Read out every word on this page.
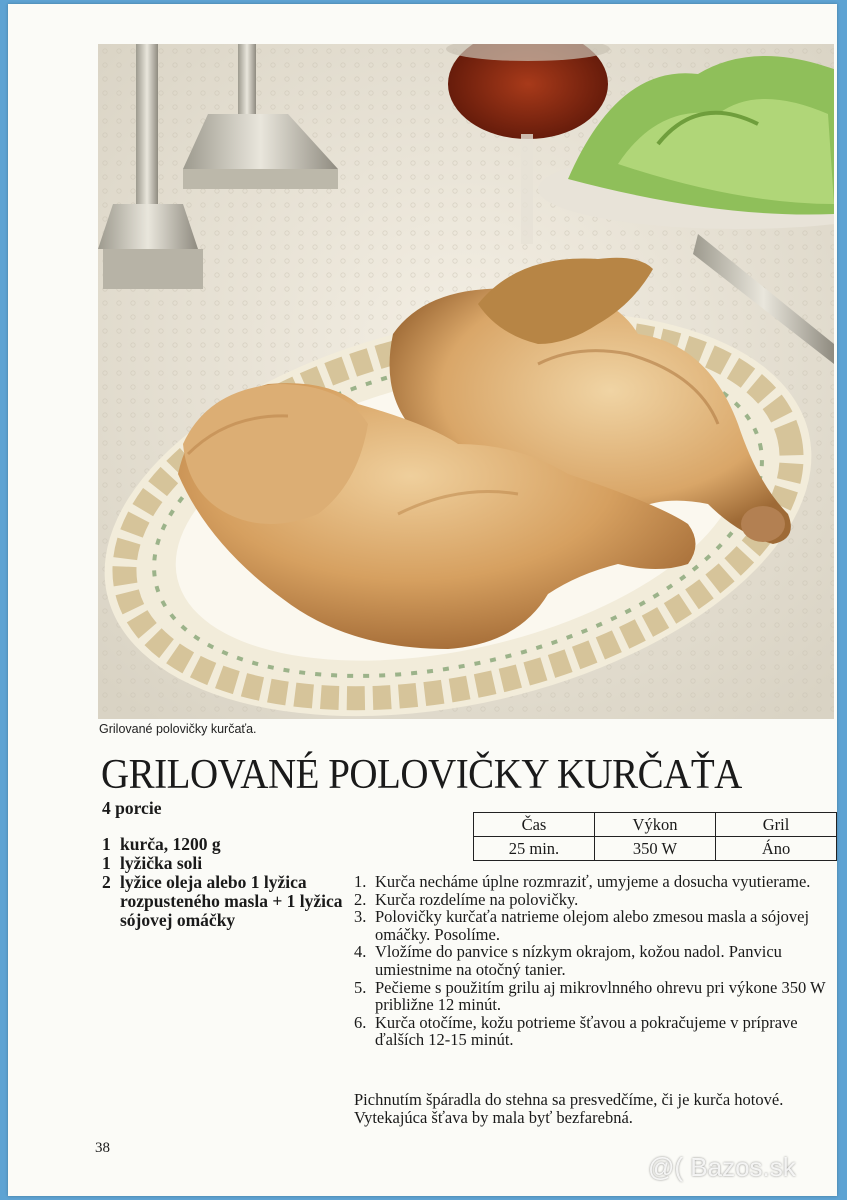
Grilované polovičky kurčaťa.
GRILOVANÉ POLOVIČKY KURČAŤA
4 porcie
1 kurča, 1200 g
1 lyžička soli
2 lyžice oleja alebo 1 lyžica rozpusteného masla + 1 lyžica sójovej omáčky
Čas	Výkon	Gril
25 min.	350 W	Áno
1. Kurča necháme úplne rozmraziť, umyjeme a dosucha vyutierame.
2. Kurča rozdelíme na polovičky.
3. Polovičky kurčaťa natrieme olejom alebo zmesou masla a sójovej omáčky. Posolíme.
4. Vložíme do panvice s nízkym okrajom, kožou nadol. Panvicu umiestnime na otočný tanier.
5. Pečieme s použitím grilu aj mikrovlnného ohrevu pri výkone 350 W približne 12 minút.
6. Kurča otočíme, kožu potrieme šťavou a pokračujeme v príprave ďalších 12-15 minút.
Pichnutím špáradla do stehna sa presvedčíme, či je kurča hotové. Vytekajúca šťava by mala byť bezfarebná.
38
@( Bazos.sk
